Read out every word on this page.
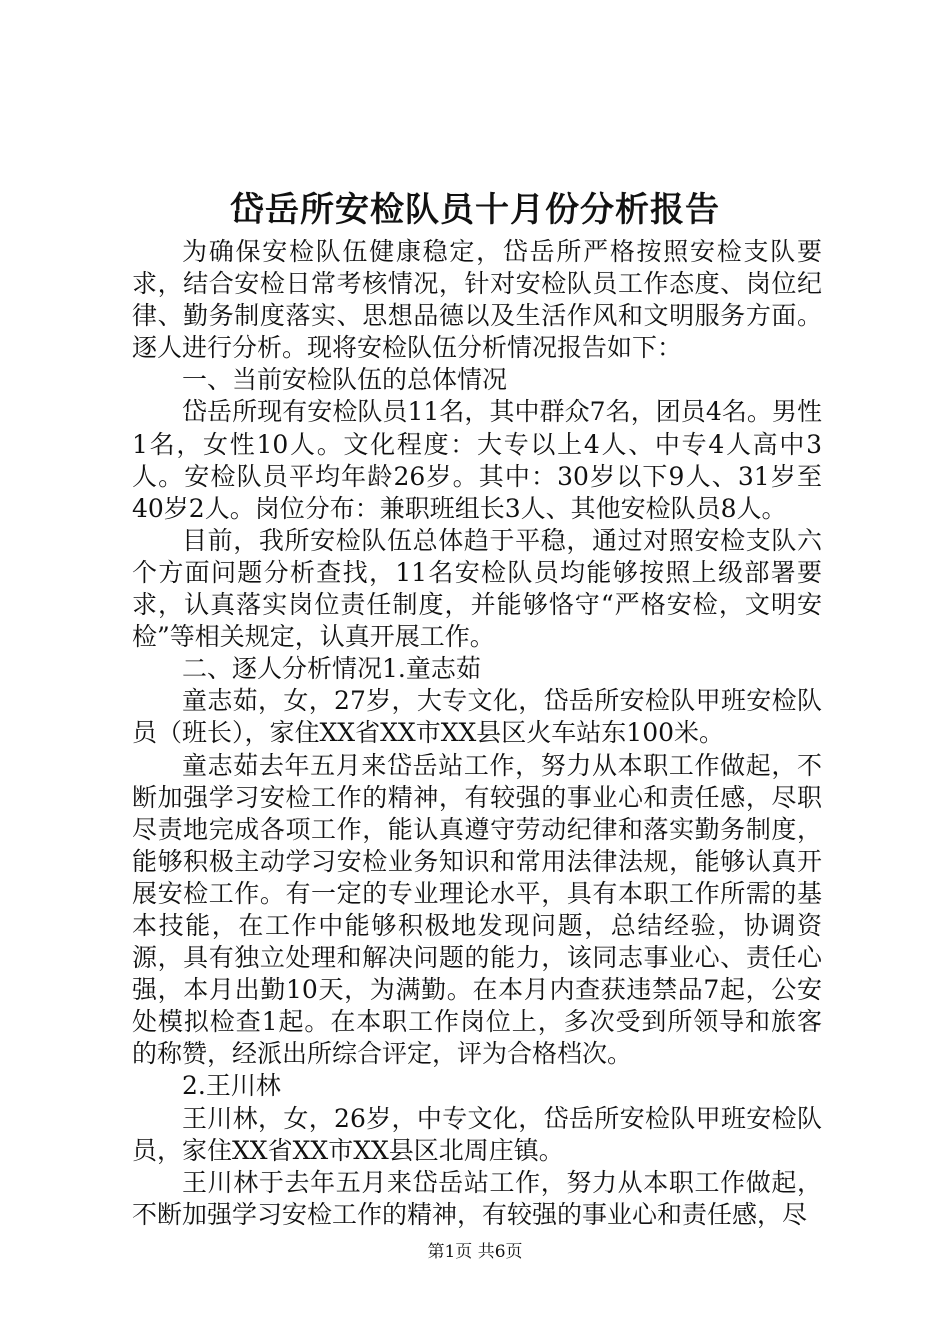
岱岳所安检队员十月份分析报告

为确保安检队伍健康稳定，岱岳所严格按照安检支队要求，结合安检日常考核情况，针对安检队员工作态度、岗位纪律、勤务制度落实、思想品德以及生活作风和文明服务方面。逐人进行分析。现将安检队伍分析情况报告如下：

一、当前安检队伍的总体情况

岱岳所现有安检队员11名，其中群众7名，团员4名。男性1名，女性10人。文化程度：大专以上4人、中专4人高中3人。安检队员平均年龄26岁。其中：30岁以下9人、31岁至40岁2人。岗位分布：兼职班组长3人、其他安检队员8人。

目前，我所安检队伍总体趋于平稳，通过对照安检支队六个方面问题分析查找，11名安检队员均能够按照上级部署要求，认真落实岗位责任制度，并能够恪守“严格安检，文明安检”等相关规定，认真开展工作。

二、逐人分析情况1.童志茹

童志茹，女，27岁，大专文化，岱岳所安检队甲班安检队员（班长），家住XX省XX市XX县区火车站东100米。

童志茹去年五月来岱岳站工作，努力从本职工作做起，不断加强学习安检工作的精神，有较强的事业心和责任感，尽职尽责地完成各项工作，能认真遵守劳动纪律和落实勤务制度，能够积极主动学习安检业务知识和常用法律法规，能够认真开展安检工作。有一定的专业理论水平，具有本职工作所需的基本技能，在工作中能够积极地发现问题，总结经验，协调资源，具有独立处理和解决问题的能力，该同志事业心、责任心强，本月出勤10天，为满勤。在本月内查获违禁品7起，公安处模拟检查1起。在本职工作岗位上，多次受到所领导和旅客的称赞，经派出所综合评定，评为合格档次。

2.王川林

王川林，女，26岁，中专文化，岱岳所安检队甲班安检队员，家住XX省XX市XX县区北周庄镇。

王川林于去年五月来岱岳站工作，努力从本职工作做起，不断加强学习安检工作的精神，有较强的事业心和责任感，尽

第1页 共6页
